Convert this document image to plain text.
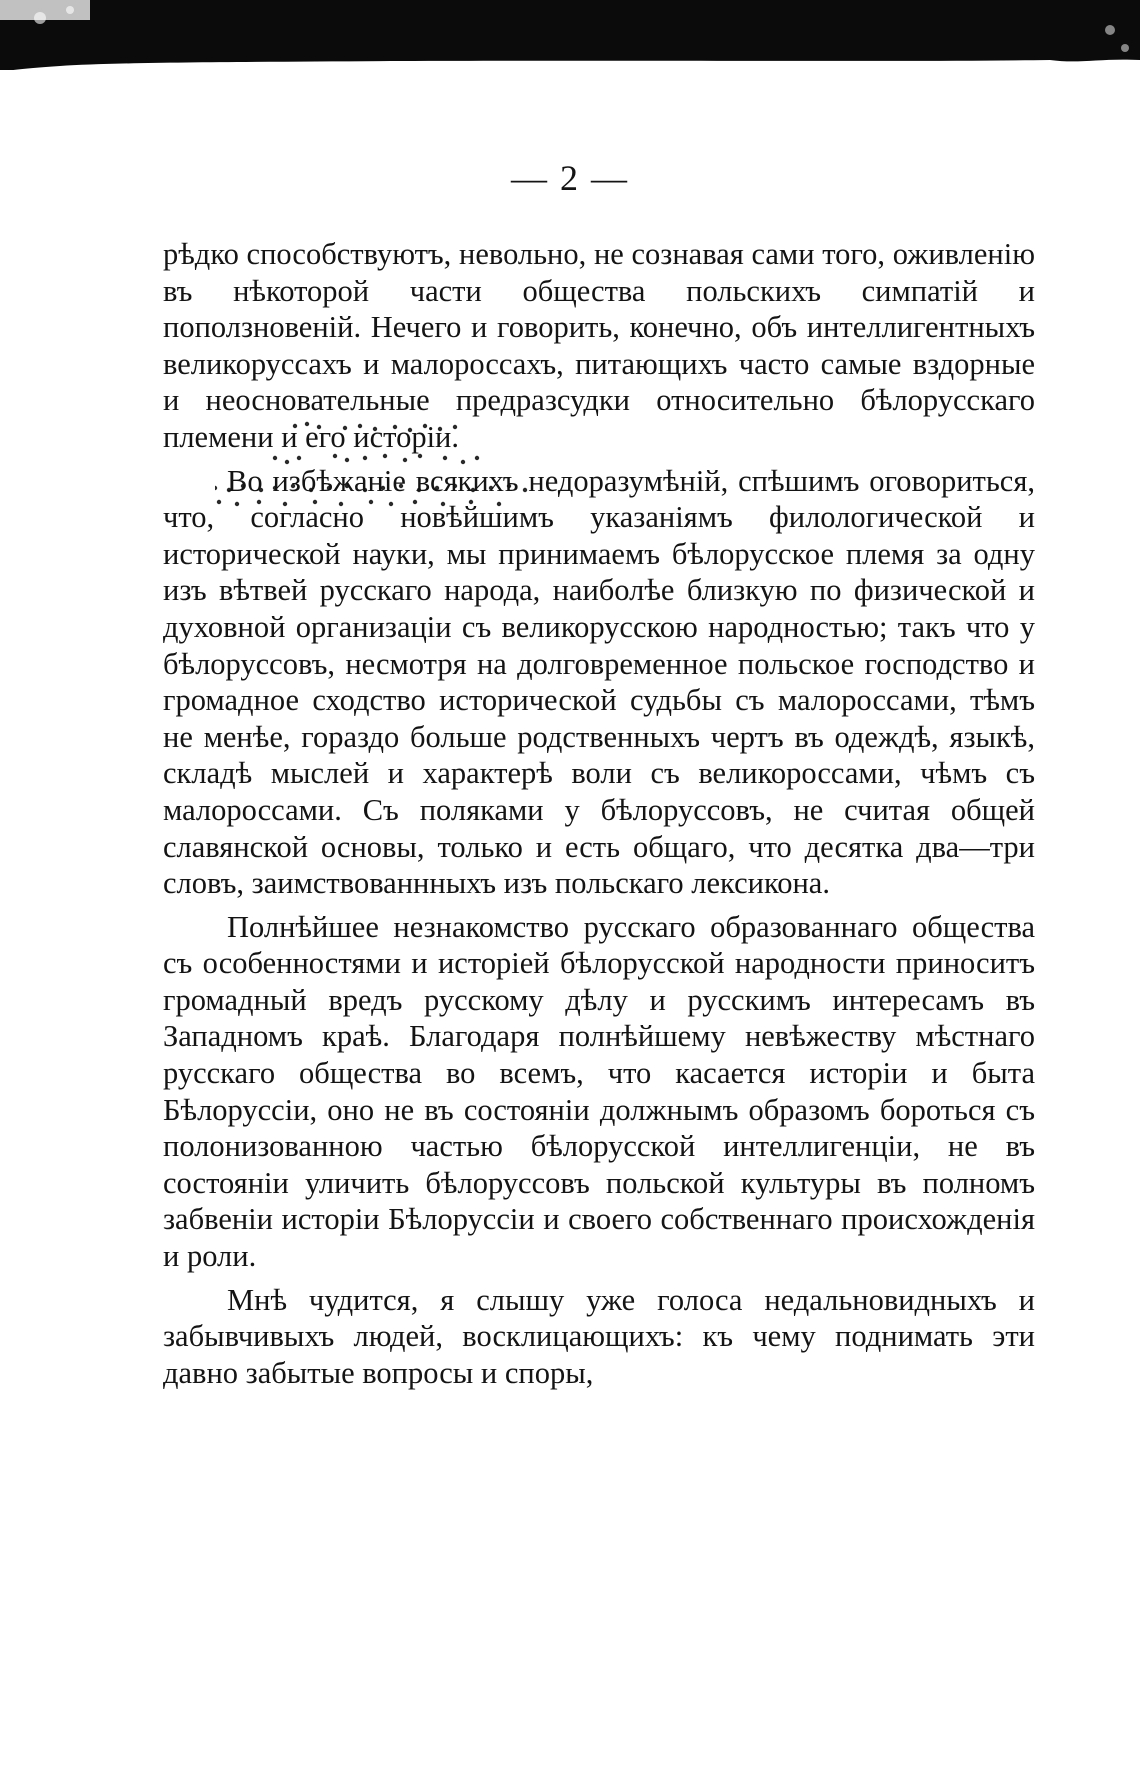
— 2 —

рѣдко способствуютъ, невольно, не сознавая сами того, оживленію въ нѣкоторой части общества польскихъ симпатій и поползновеній. Нечего и говорить, конечно, объ интеллигентныхъ великоруссахъ и малороссахъ, питающихъ часто самые вздорные и неосновательные предразсудки относительно бѣлорусскаго племени и его исторіи.

Во избѣжаніе всякихъ недоразумѣній, спѣшимъ оговориться, что, согласно новѣйшимъ указаніямъ филологической и исторической науки, мы принимаемъ бѣлорусское племя за одну изъ вѣтвей русскаго народа, наиболѣе близкую по физической и духовной организаціи съ великорусскою народностью; такъ что у бѣлоруссовъ, несмотря на долговременное польское господство и громадное сходство исторической судьбы съ малороссами, тѣмъ не менѣе, гораздо больше родственныхъ чертъ въ одеждѣ, языкѣ, складѣ мыслей и характерѣ воли съ великороссами, чѣмъ съ малороссами. Съ поляками у бѣлоруссовъ, не считая общей славянской основы, только и есть общаго, что десятка два—три словъ, заимствованнныхъ изъ польскаго лексикона.

Полнѣйшее незнакомство русскаго образованнаго общества съ особенностями и исторіей бѣлорусской народности приноситъ громадный вредъ русскому дѣлу и русскимъ интересамъ въ Западномъ краѣ. Благодаря полнѣйшему невѣжеству мѣстнаго русскаго общества во всемъ, что касается исторіи и быта Бѣлоруссіи, оно не въ состояніи должнымъ образомъ бороться съ полонизованною частью бѣлорусской интеллигенціи, не въ состояніи уличить бѣлоруссовъ польской культуры въ полномъ забвеніи исторіи Бѣлоруссіи и своего собственнаго происхожденія и роли.

Мнѣ чудится, я слышу уже голоса недальновидныхъ и забывчивыхъ людей, восклицающихъ: къ чему поднимать эти давно забытые вопросы и споры,
